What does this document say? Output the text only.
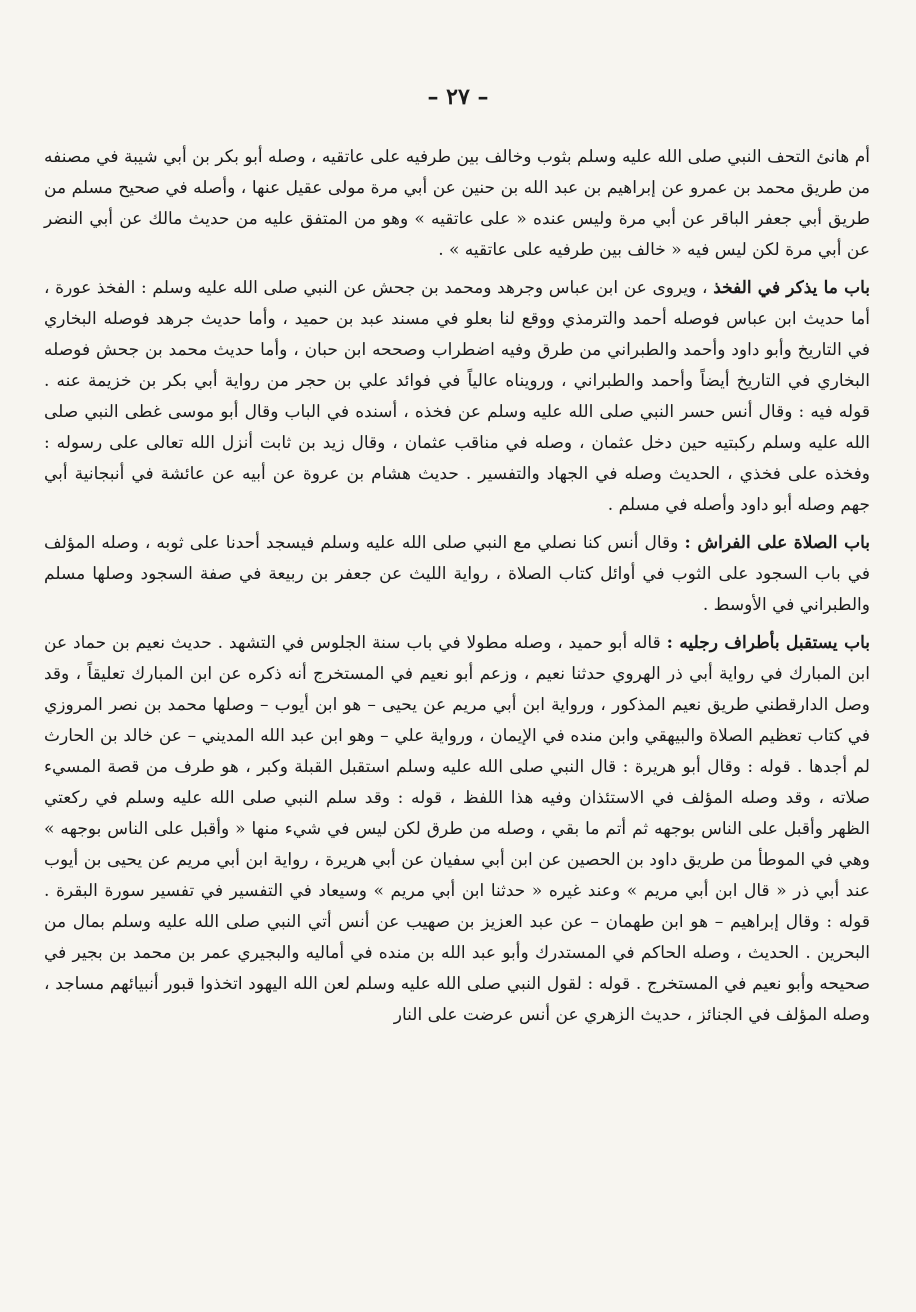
– ٢٧ –

أم هانئ التحف النبي صلى الله عليه وسلم بثوب وخالف بين طرفيه على عاتقيه ، وصله أبو بكر بن أبي شيبة في مصنفه من طريق محمد بن عمرو عن إبراهيم بن عبد الله بن حنين عن أبي مرة مولى عقيل عنها ، وأصله في صحيح مسلم من طريق أبي جعفر الباقر عن أبي مرة وليس عنده « على عاتقيه » وهو من المتفق عليه من حديث مالك عن أبي النضر عن أبي مرة لكن ليس فيه « خالف بين طرفيه على عاتقيه » .

باب ما يذكر في الفخذ ، ويروى عن ابن عباس وجرهد ومحمد بن جحش عن النبي صلى الله عليه وسلم : الفخذ عورة ، أما حديث ابن عباس فوصله أحمد والترمذي ووقع لنا بعلو في مسند عبد بن حميد ، وأما حديث جرهد فوصله البخاري في التاريخ وأبو داود وأحمد والطبراني من طرق وفيه اضطراب وصححه ابن حبان ، وأما حديث محمد بن جحش فوصله البخاري في التاريخ أيضاً وأحمد والطبراني ، ورويناه عالياً في فوائد علي بن حجر من رواية أبي بكر بن خزيمة عنه . قوله فيه : وقال أنس حسر النبي صلى الله عليه وسلم عن فخذه ، أسنده في الباب وقال أبو موسى غطى النبي صلى الله عليه وسلم ركبتيه حين دخل عثمان ، وصله في مناقب عثمان ، وقال زيد بن ثابت أنزل الله تعالى على رسوله : وفخذه على فخذي ، الحديث وصله في الجهاد والتفسير . حديث هشام بن عروة عن أبيه عن عائشة في أنبجانية أبي جهم وصله أبو داود وأصله في مسلم .

باب الصلاة على الفراش : وقال أنس كنا نصلي مع النبي صلى الله عليه وسلم فيسجد أحدنا على ثوبه ، وصله المؤلف في باب السجود على الثوب في أوائل كتاب الصلاة ، رواية الليث عن جعفر بن ربيعة في صفة السجود وصلها مسلم والطبراني في الأوسط .

باب يستقبل بأطراف رجليه : قاله أبو حميد ، وصله مطولا في باب سنة الجلوس في التشهد . حديث نعيم بن حماد عن ابن المبارك في رواية أبي ذر الهروي حدثنا نعيم ، وزعم أبو نعيم في المستخرج أنه ذكره عن ابن المبارك تعليقاً ، وقد وصل الدارقطني طريق نعيم المذكور ، ورواية ابن أبي مريم عن يحيى – هو ابن أيوب – وصلها محمد بن نصر المروزي في كتاب تعظيم الصلاة والبيهقي وابن منده في الإيمان ، ورواية علي – وهو ابن عبد الله المديني – عن خالد بن الحارث لم أجدها . قوله : وقال أبو هريرة : قال النبي صلى الله عليه وسلم استقبل القبلة وكبر ، هو طرف من قصة المسيء صلاته ، وقد وصله المؤلف في الاستئذان وفيه هذا اللفظ ، قوله : وقد سلم النبي صلى الله عليه وسلم في ركعتي الظهر وأقبل على الناس بوجهه ثم أتم ما بقي ، وصله من طرق لكن ليس في شيء منها « وأقبل على الناس بوجهه » وهي في الموطأ من طريق داود بن الحصين عن ابن أبي سفيان عن أبي هريرة ، رواية ابن أبي مريم عن يحيى بن أيوب عند أبي ذر « قال ابن أبي مريم » وعند غيره « حدثنا ابن أبي مريم » وسيعاد في التفسير في تفسير سورة البقرة . قوله : وقال إبراهيم – هو ابن طهمان – عن عبد العزيز بن صهيب عن أنس أتي النبي صلى الله عليه وسلم بمال من البحرين . الحديث ، وصله الحاكم في المستدرك وأبو عبد الله بن منده في أماليه والبجيري عمر بن محمد بن بجير في صحيحه وأبو نعيم في المستخرج . قوله : لقول النبي صلى الله عليه وسلم لعن الله اليهود اتخذوا قبور أنبيائهم مساجد ، وصله المؤلف في الجنائز ، حديث الزهري عن أنس عرضت على النار
